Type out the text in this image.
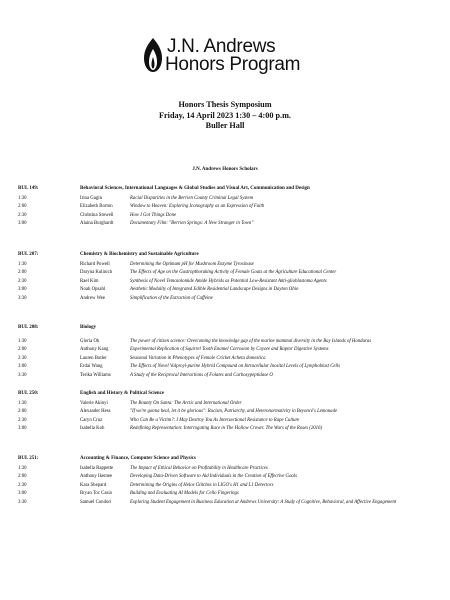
J.N. Andrews
Honors Program
Honors Thesis Symposium
Friday, 14 April 2023 1:30 – 4:00 p.m.
Buller Hall
J.N. Andrews Honors Scholars
BUL 149:	Behavioral Sciences, International Languages & Global Studies and Visual Art, Communication and Design
1:30	Irina Gagin	Racial Disparities in the Berrien County Criminal Legal System
2:00	Elizabeth Borton	Window to Heaven: Exploring Iconography as an Expression of Faith
2:30	Christina Stowell	How I Got Things Done
3:00	Alaina Burghardt	Documentary Film: "Berrien Springs: A New Stranger in Town"
BUL 207:	Chemistry & Biochemistry and Sustainable Agriculture
1:30	Richard Powell	Determining the Optimum pH for Mushroom Enzyme Tyrosinase
2:00	Daryna Kulinich	The Effects of Age on the Gastropthoraking Activity of Female Goats at the Agriculture Educational Center
2:30	Rael Kim	Synthesis of Novel Temozolomide Amide Hybrids as Potential Low-Resistant Anti-glioblastoma Agents
3:00	Noah Opsahl	Aesthetic Modality of Integrated Edible Residential Landscape Designs in Dayton Ohio
3:30	Andrew Wee	Simplification of the Extraction of Caffeine
BUL 208:	Biology
1:30	Gloria Oh	The power of citizen science: Overcoming the knowledge gap of the marine mammal diversity in the Bay Islands of Honduras
2:00	Anthony Kang	Experimental Replication of Squirrel Tooth Enamel Corrosion by Coyote and Raptor Digestive Systems
2:30	Lauren Butler	Seasonal Variation in Phenotypes of Female Cricket Acheta domestica
3:00	Erdai Wang	The Effects of Novel Valproyl-purine Hybrid Compound on Intracellular Inositol Levels of Lymphoblast Cells
3:30	Terika Williams	A Study of the Reciprocal Interactions of Folates and Carboxypeptidase O
BUL 250:	English and History & Political Science
1:30	Valerie Akinyi	The Bounty On Santa: The Arctic and International Order
2:00	Alexander Hess	"If we're gonna heal, let it be glorious": Racism, Patriarchy, and Heteronormativity in Beyoncé's Lemonade
2:30	Caryn Cruz	Who Can Be a Victim?: I May Destroy You As Intersectional Resistance to Rape Culture
3:00	Isabella Koh	Redefining Representation: Interrogating Race in The Hollow Crown: The Wars of the Roses (2016)
BUL 251:	Accounting & Finance, Computer Science and Physics
1:30	Isabella Rappette	The Impact of Ethical Behavior on Profitability in Healthcare Practices
2:00	Anthony Ikemee	Developing Data-Driven Software to Aid Individuals in the Creation of Effective Goals
2:30	Kara Shepard	Determining the Origins of Helos Glitches in LIGO's H1 and L1 Detectors
3:00	Bryan Toc Casia	Building and Evaluating AI Models for Cello Fingerings
3:30	Samuel Condori	Exploring Student Engagement in Business Education at Andrews University: A Study of Cognitive, Behavioral, and Affective Engagement
